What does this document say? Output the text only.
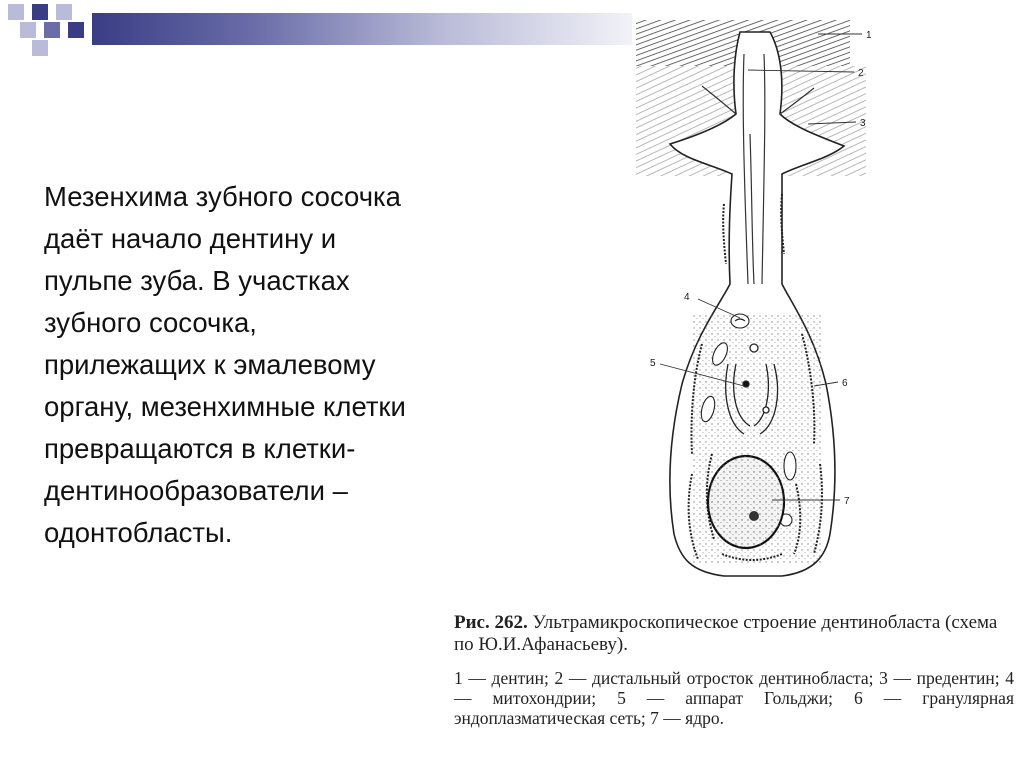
Мезенхима зубного сосочка даёт начало дентину и пульпе зуба. В участках зубного сосочка, прилежащих к эмалевому органу, мезенхимные клетки превращаются в клетки-дентинообразователи – одонтобласты.

1
2
3
4
5
6
7

Рис. 262. Ультрамикроскопическое строение дентинобласта (схема по Ю.И.Афанасьеву).

1 — дентин; 2 — дистальный отросток дентинобласта; 3 — предентин; 4 — митохондрии; 5 — аппарат Гольджи; 6 — гранулярная эндоплазматическая сеть; 7 — ядро.
